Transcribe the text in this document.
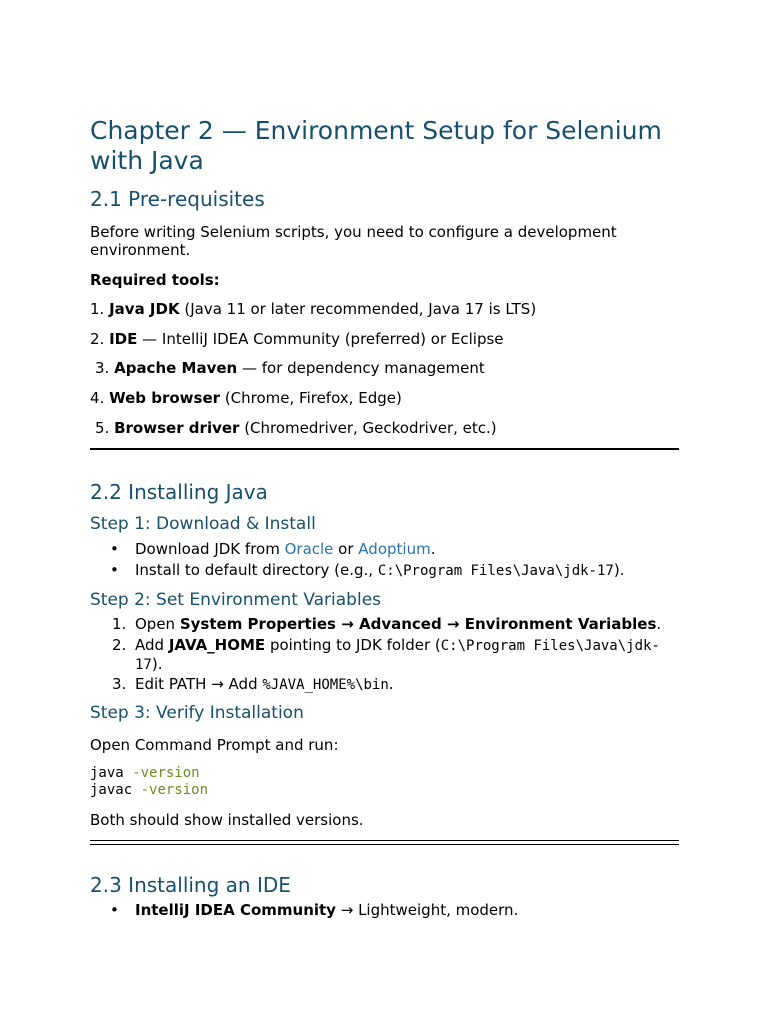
Chapter 2 — Environment Setup for Selenium with Java
2.1 Pre-requisites

Before writing Selenium scripts, you need to configure a development environment.

Required tools:

1. Java JDK (Java 11 or later recommended, Java 17 is LTS)

2. IDE — IntelliJ IDEA Community (preferred) or Eclipse

3. Apache Maven — for dependency management

4. Web browser (Chrome, Firefox, Edge)

5. Browser driver (Chromedriver, Geckodriver, etc.)

2.2 Installing Java
Step 1: Download & Install
• Download JDK from Oracle or Adoptium.
• Install to default directory (e.g., C:\Program Files\Java\jdk-17).
Step 2: Set Environment Variables
1. Open System Properties → Advanced → Environment Variables.
2. Add JAVA_HOME pointing to JDK folder (C:\Program Files\Java\jdk-
17).
3. Edit PATH → Add %JAVA_HOME%\bin.
Step 3: Verify Installation

Open Command Prompt and run:

java -version
javac -version

Both should show installed versions.

2.3 Installing an IDE
• IntelliJ IDEA Community → Lightweight, modern.
